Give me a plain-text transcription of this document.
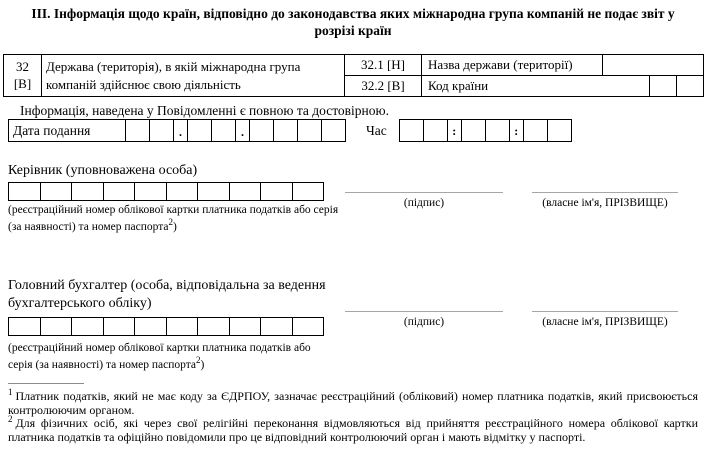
III. Інформація щодо країн, відповідно до законодавства яких міжнародна група компаній не подає звіт у розрізі країн
32
[В]
Держава (територія), в якій міжнародна група компаній здійснює свою діяльність
32.1 [Н]	Назва держави (території)
32.2 [В]	Код країни
Інформація, наведена у Повідомленні є повною та достовірною.
Дата подання	.	.	Час	:	:
Керівник (уповноважена особа)
(реєстраційний номер облікової картки платника податків або серія (за наявності) та номер паспорта$^2$)
(підпис)	(власне ім'я, ПРІЗВИЩЕ)
Головний бухгалтер (особа, відповідальна за ведення бухгалтерського обліку)
(реєстраційний номер облікової картки платника податків або серія (за наявності) та номер паспорта$^2$)
(підпис)	(власне ім'я, ПРІЗВИЩЕ)
$^1$ Платник податків, який не має коду за ЄДРПОУ, зазначає реєстраційний (обліковий) номер платника податків, який присвоюється контролюючим органом.
$^2$ Для фізичних осіб, які через свої релігійні переконання відмовляються від прийняття реєстраційного номера облікової картки платника податків та офіційно повідомили про це відповідний контролюючий орган і мають відмітку у паспорті.
